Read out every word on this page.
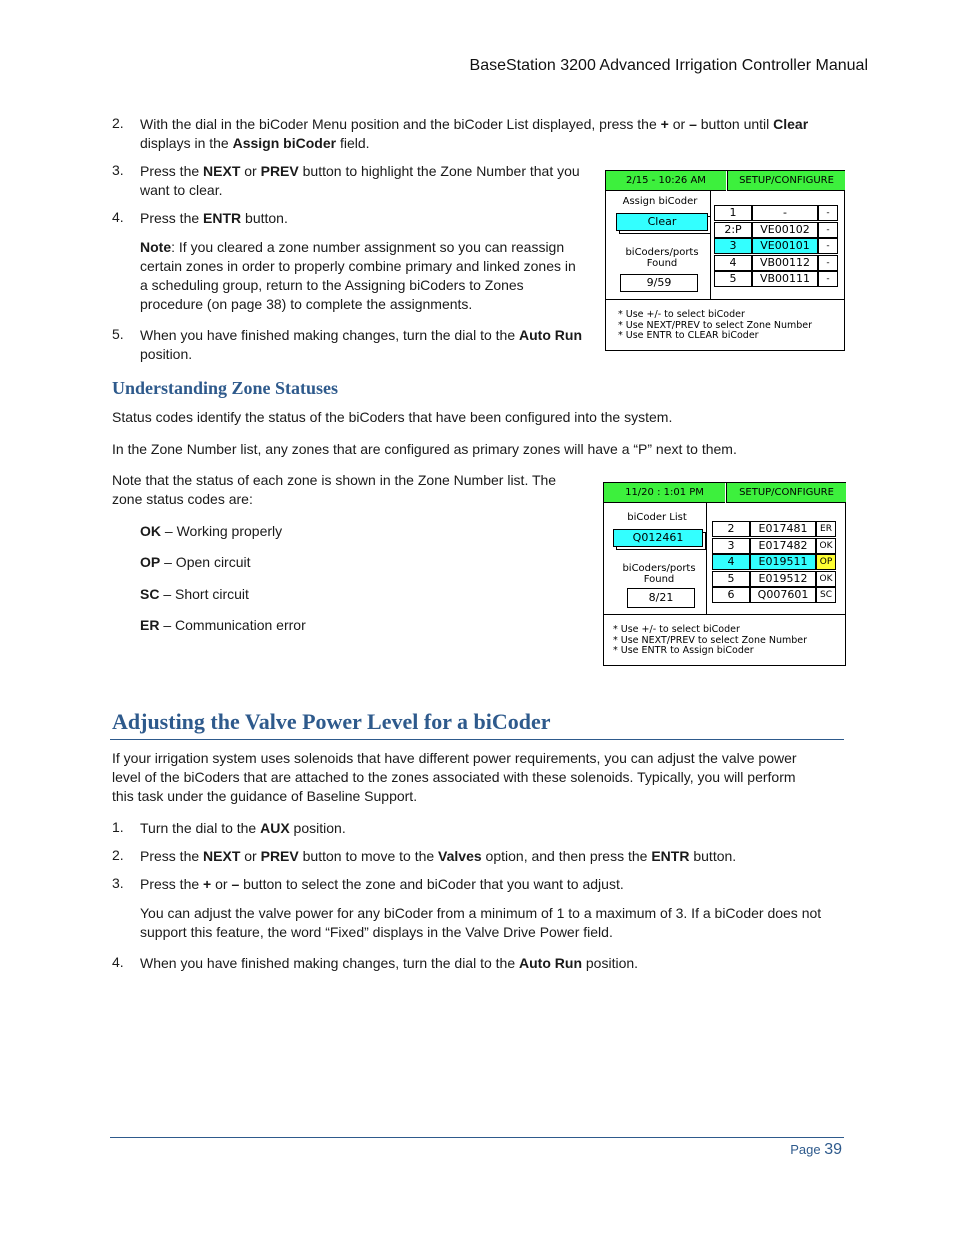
BaseStation 3200 Advanced Irrigation Controller Manual
2. With the dial in the biCoder Menu position and the biCoder List displayed, press the + or – button until Clear
displays in the Assign biCoder field.
3. Press the NEXT or PREV button to highlight the Zone Number that you
want to clear.
4. Press the ENTR button.
Note: If you cleared a zone number assignment so you can reassign
certain zones in order to properly combine primary and linked zones in
a scheduling group, return to the Assigning biCoders to Zones
procedure (on page 38) to complete the assignments.
5. When you have finished making changes, turn the dial to the Auto Run
position.
2/15 - 10:26 AM	SETUP/CONFIGURE
Assign biCoder
Clear
biCoders/ports
Found
9/59
1	-	-
2:P	VE00102	-
3	VE00101	-
4	VB00112	-
5	VB00111	-
* Use +/- to select biCoder
* Use NEXT/PREV to select Zone Number
* Use ENTR to CLEAR biCoder
Understanding Zone Statuses
Status codes identify the status of the biCoders that have been configured into the system.
In the Zone Number list, any zones that are configured as primary zones will have a “P” next to them.
Note that the status of each zone is shown in the Zone Number list. The
zone status codes are:
OK – Working properly
OP – Open circuit
SC – Short circuit
ER – Communication error
11/20 : 1:01 PM	SETUP/CONFIGURE
biCoder List
Q012461
biCoders/ports
Found
8/21
2	E017481	ER
3	E017482	OK
4	E019511	OP
5	E019512	OK
6	Q007601	SC
* Use +/- to select biCoder
* Use NEXT/PREV to select Zone Number
* Use ENTR to Assign biCoder
Adjusting the Valve Power Level for a biCoder
If your irrigation system uses solenoids that have different power requirements, you can adjust the valve power
level of the biCoders that are attached to the zones associated with these solenoids. Typically, you will perform
this task under the guidance of Baseline Support.
1. Turn the dial to the AUX position.
2. Press the NEXT or PREV button to move to the Valves option, and then press the ENTR button.
3. Press the + or – button to select the zone and biCoder that you want to adjust.
You can adjust the valve power for any biCoder from a minimum of 1 to a maximum of 3. If a biCoder does not
support this feature, the word “Fixed” displays in the Valve Drive Power field.
4. When you have finished making changes, turn the dial to the Auto Run position.
Page 39
